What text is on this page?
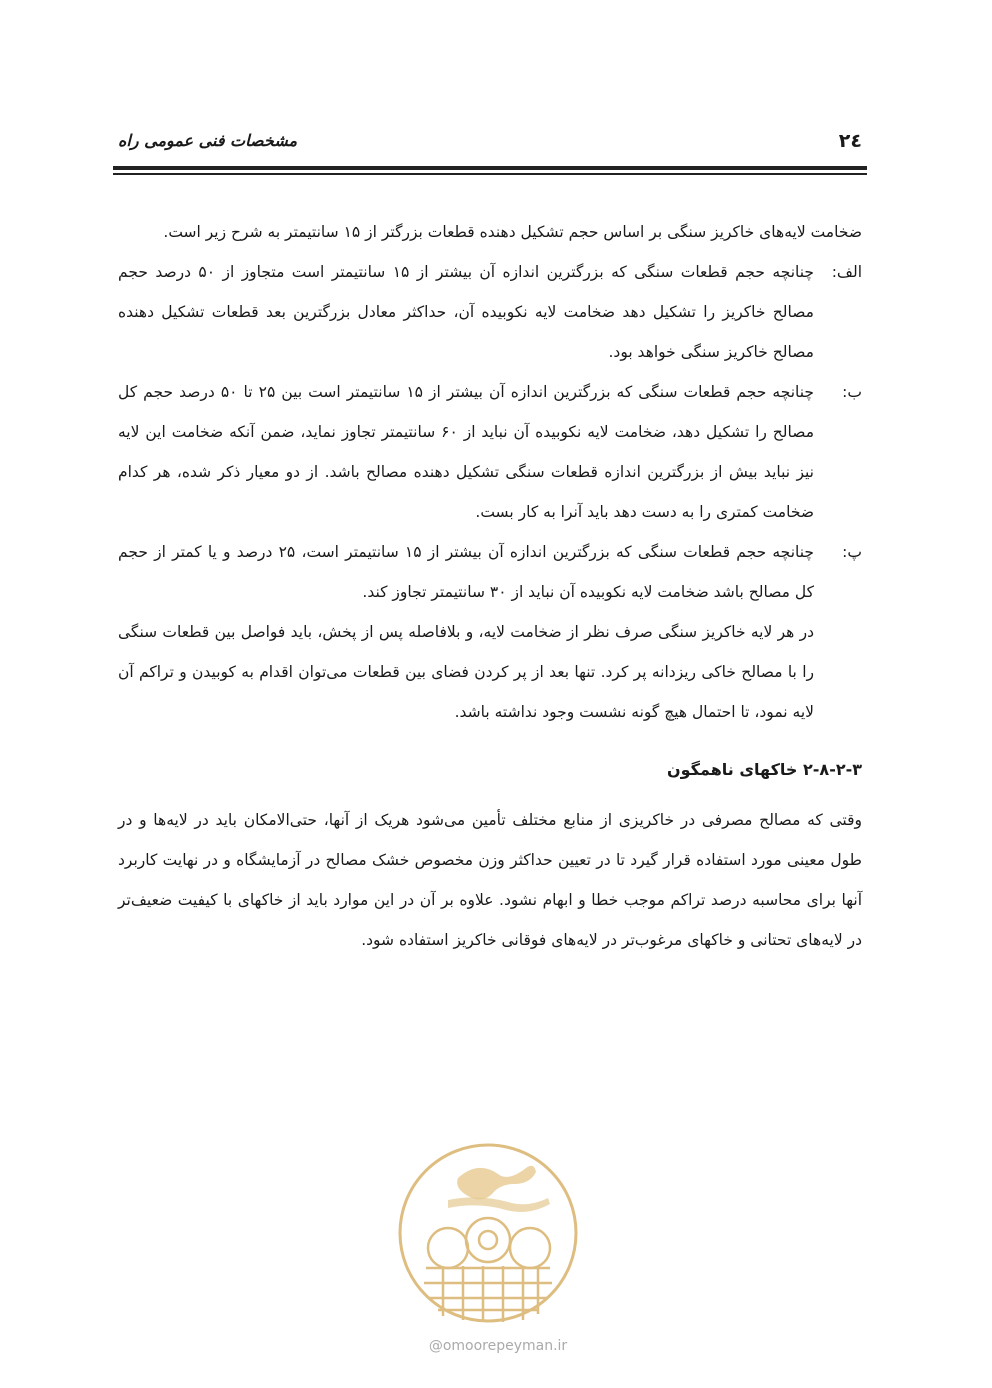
۲٤
مشخصات فنی عمومی راه

ضخامت لایه‌های خاکریز سنگی بر اساس حجم تشکیل دهنده قطعات بزرگتر از ۱۵ سانتیمتر به شرح زیر است.

الف:

چنانچه حجم قطعات سنگی که بزرگترین اندازه آن بیشتر از ۱۵ سانتیمتر است متجاوز از ۵۰ درصد حجم مصالح خاکریز را تشکیل دهد ضخامت لایه نکوبیده آن، حداکثر معادل بزرگترین بعد قطعات تشکیل دهنده مصالح خاکریز سنگی خواهد بود.

ب:

چنانچه حجم قطعات سنگی که بزرگترین اندازه آن بیشتر از ۱۵ سانتیمتر است بین ۲۵ تا ۵۰ درصد حجم کل مصالح را تشکیل دهد، ضخامت لایه نکوبیده آن نباید از ۶۰ سانتیمتر تجاوز نماید، ضمن آنکه ضخامت این لایه نیز نباید بیش از بزرگترین اندازه قطعات سنگی تشکیل دهنده مصالح باشد. از دو معیار ذکر شده، هر کدام ضخامت کمتری را به دست دهد باید آنرا به کار بست.

پ:

چنانچه حجم قطعات سنگی که بزرگترین اندازه آن بیشتر از ۱۵ سانتیمتر است، ۲۵ درصد و یا کمتر از حجم کل مصالح باشد ضخامت لایه نکوبیده آن نباید از ۳۰ سانتیمتر تجاوز کند.

در هر لایه خاکریز سنگی صرف نظر از ضخامت لایه، و بلافاصله پس از پخش، باید فواصل بین قطعات سنگی را با مصالح خاکی ریزدانه پر کرد. تنها بعد از پر کردن فضای بین قطعات می‌توان اقدام به کوبیدن و تراکم آن لایه نمود، تا احتمال هیچ گونه نشست وجود نداشته باشد.

۲-۸-۲-۳ خاکهای ناهمگون

وقتی که مصالح مصرفی در خاکریزی از منابع مختلف تأمین می‌شود هریک از آنها، حتی‌الامکان باید در لایه‌ها و در طول معینی مورد استفاده قرار گیرد تا در تعیین حداکثر وزن مخصوص خشک مصالح در آزمایشگاه و در نهایت کاربرد آنها برای محاسبه درصد تراکم موجب خطا و ابهام نشود. علاوه بر آن در این موارد باید از خاکهای با کیفیت ضعیف‌تر در لایه‌های تحتانی و خاکهای مرغوب‌تر در لایه‌های فوقانی خاکریز استفاده شود.

@omoorepeyman.ir
